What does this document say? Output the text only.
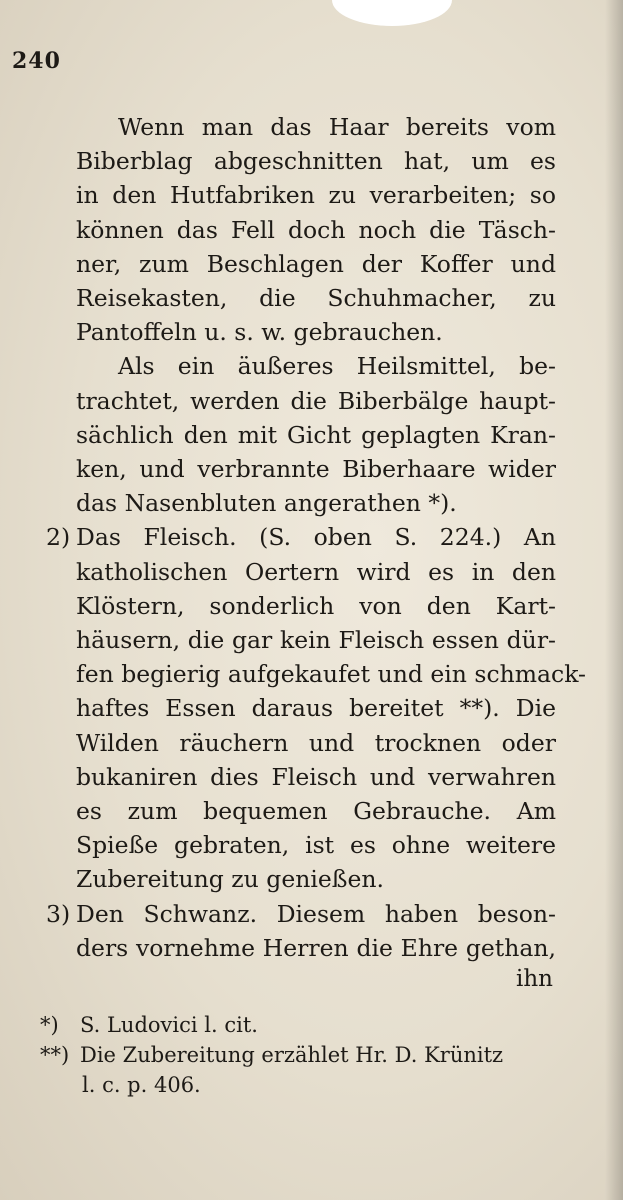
240
Wenn man das Haar bereits vom
Biberblag abgeschnitten hat, um es
in den Hutfabriken zu verarbeiten; so
können das Fell doch noch die Täsch-
ner, zum Beschlagen der Koffer und
Reisekasten, die Schuhmacher, zu
Pantoffeln u. s. w. gebrauchen.
Als ein äußeres Heilsmittel, be-
trachtet, werden die Biberbälge haupt-
sächlich den mit Gicht geplagten Kran-
ken, und verbrannte Biberhaare wider
das Nasenbluten angerathen *).
2) Das Fleisch. (S. oben S. 224.) An
katholischen Oertern wird es in den
Klöstern, sonderlich von den Kart-
häusern, die gar kein Fleisch essen dür-
fen begierig aufgekaufet und ein schmack-
haftes Essen daraus bereitet **). Die
Wilden räuchern und trocknen oder
bukaniren dies Fleisch und verwahren
es zum bequemen Gebrauche. Am
Spieße gebraten, ist es ohne weitere
Zubereitung zu genießen.
3) Den Schwanz. Diesem haben beson-
ders vornehme Herren die Ehre gethan,
ihn
*) S. Ludovici l. cit.
**) Die Zubereitung erzählet Hr. D. Krünitz
l. c. p. 406.
